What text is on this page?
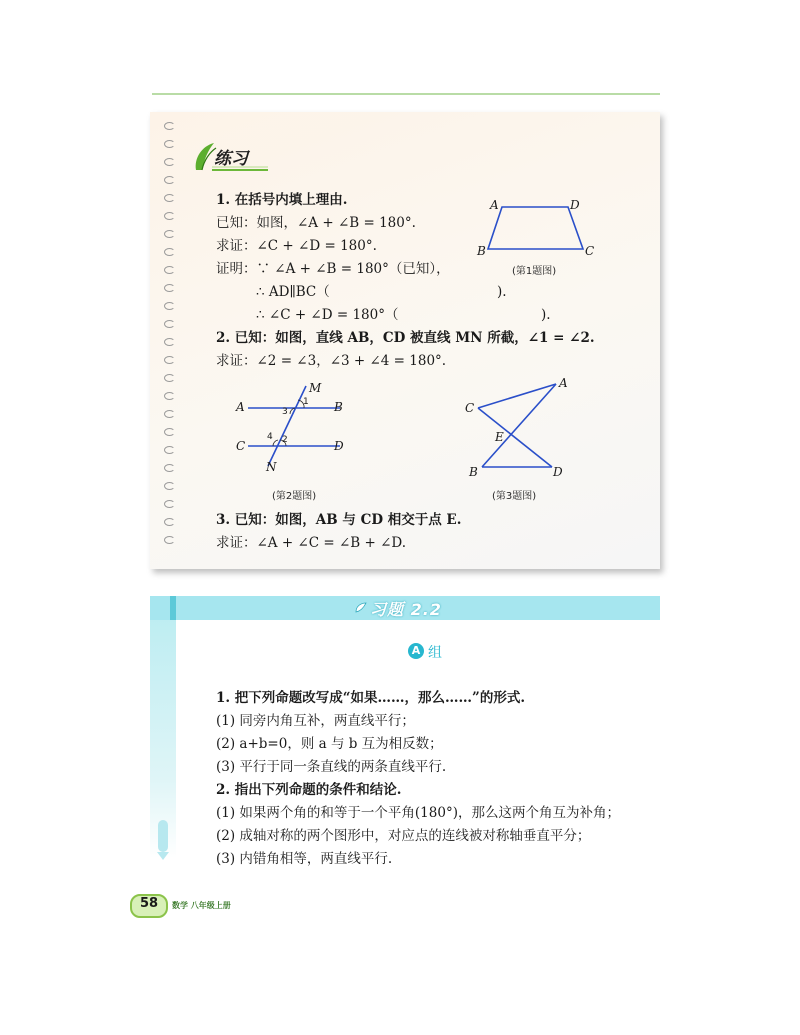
练习
1. 在括号内填上理由.
已知：如图，∠A + ∠B = 180°.
求证：∠C + ∠D = 180°.
证明：∵ ∠A + ∠B = 180°（已知），
∴ AD∥BC（	).
∴ ∠C + ∠D = 180°（	).
2. 已知：如图，直线 AB，CD 被直线 MN 所截，∠1 = ∠2.
求证：∠2 = ∠3，∠3 + ∠4 = 180°.
3. 已知：如图，AB 与 CD 相交于点 E.
求证：∠A + ∠C = ∠B + ∠D.
A	D
B	C
(第1题图)
A	B
C	D
M
N
1
3
2
4
(第2题图)
A
C
E
B	D
(第3题图)
习题 2.2
A 组
1. 把下列命题改写成“如果……，那么……”的形式.
(1) 同旁内角互补，两直线平行；
(2) a+b=0，则 a 与 b 互为相反数；
(3) 平行于同一条直线的两条直线平行.
2. 指出下列命题的条件和结论.
(1) 如果两个角的和等于一个平角(180°)，那么这两个角互为补角；
(2) 成轴对称的两个图形中，对应点的连线被对称轴垂直平分；
(3) 内错角相等，两直线平行.
58 数学 八年级上册
